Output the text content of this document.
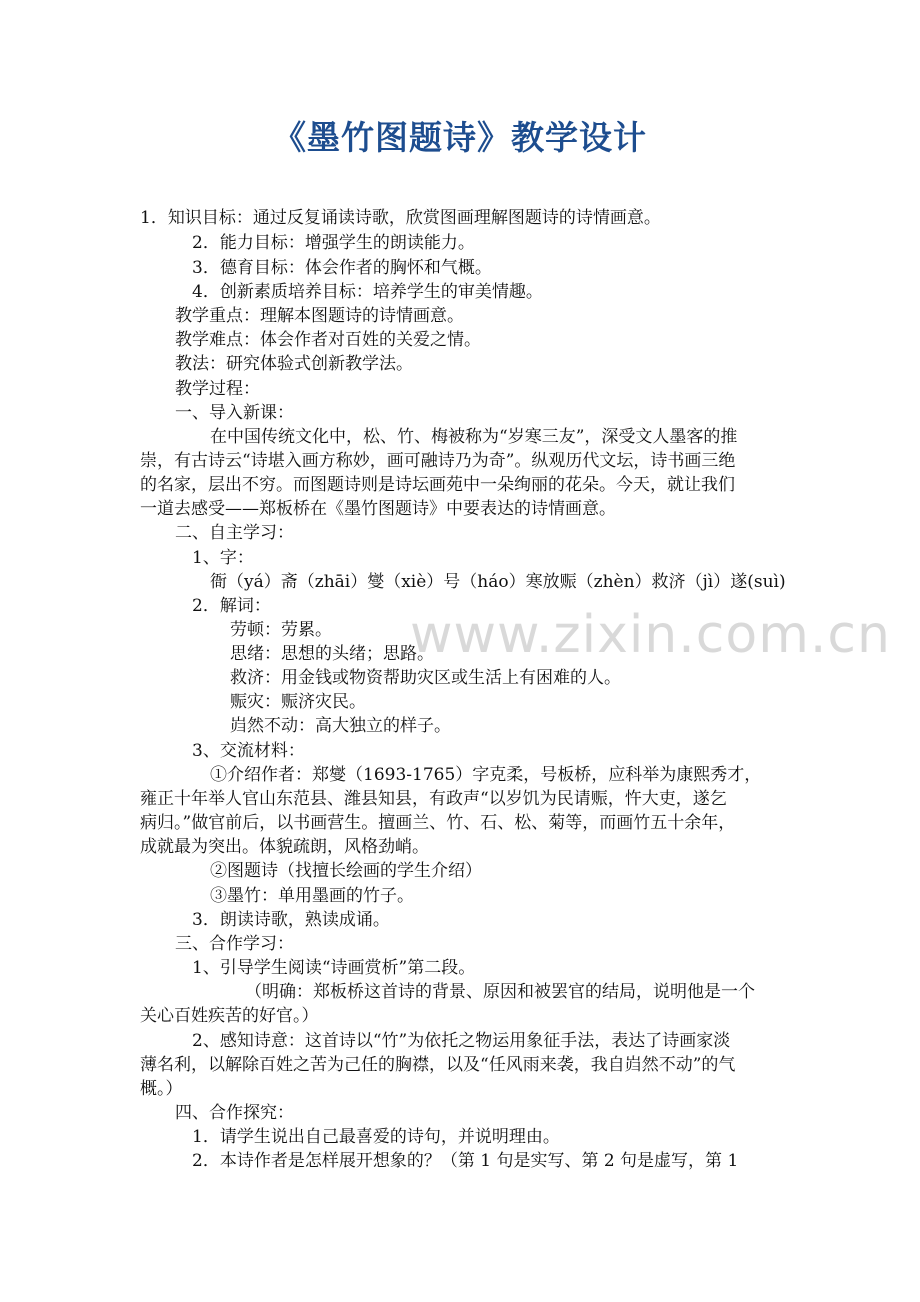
《墨竹图题诗》教学设计
www.zixin.com.cn
1．知识目标：通过反复诵读诗歌，欣赏图画理解图题诗的诗情画意。
2．能力目标：增强学生的朗读能力。
3．德育目标：体会作者的胸怀和气概。
4．创新素质培养目标：培养学生的审美情趣。
教学重点：理解本图题诗的诗情画意。
教学难点：体会作者对百姓的关爱之情。
教法：研究体验式创新教学法。
教学过程：
一、导入新课：
在中国传统文化中，松、竹、梅被称为“岁寒三友”，深受文人墨客的推
崇，有古诗云“诗堪入画方称妙，画可融诗乃为奇”。纵观历代文坛，诗书画三绝
的名家，层出不穷。而图题诗则是诗坛画苑中一朵绚丽的花朵。今天，就让我们
一道去感受——郑板桥在《墨竹图题诗》中要表达的诗情画意。
二、自主学习：
1、字：
衙（yá）斋（zhāi）燮（xiè）号（háo）寒放赈（zhèn）救济（jì）遂(suì)
2．解词：
劳顿：劳累。
思绪：思想的头绪；思路。
救济：用金钱或物资帮助灾区或生活上有困难的人。
赈灾：赈济灾民。
岿然不动：高大独立的样子。
3、交流材料：
①介绍作者：郑燮（1693-1765）字克柔，号板桥，应科举为康熙秀才，
雍正十年举人官山东范县、潍县知县，有政声“以岁饥为民请赈，忤大吏，遂乞
病归。”做官前后，以书画营生。擅画兰、竹、石、松、菊等，而画竹五十余年，
成就最为突出。体貌疏朗，风格劲峭。
②图题诗（找擅长绘画的学生介绍）
③墨竹：单用墨画的竹子。
3．朗读诗歌，熟读成诵。
三、合作学习：
1、引导学生阅读“诗画赏析”第二段。
（明确：郑板桥这首诗的背景、原因和被罢官的结局，说明他是一个
关心百姓疾苦的好官。）
2、感知诗意：这首诗以“竹”为依托之物运用象征手法，表达了诗画家淡
薄名利，以解除百姓之苦为己任的胸襟，以及“任风雨来袭，我自岿然不动”的气
概。）
四、合作探究：
1．请学生说出自己最喜爱的诗句，并说明理由。
2．本诗作者是怎样展开想象的？（第 1 句是实写、第 2 句是虚写，第 1
